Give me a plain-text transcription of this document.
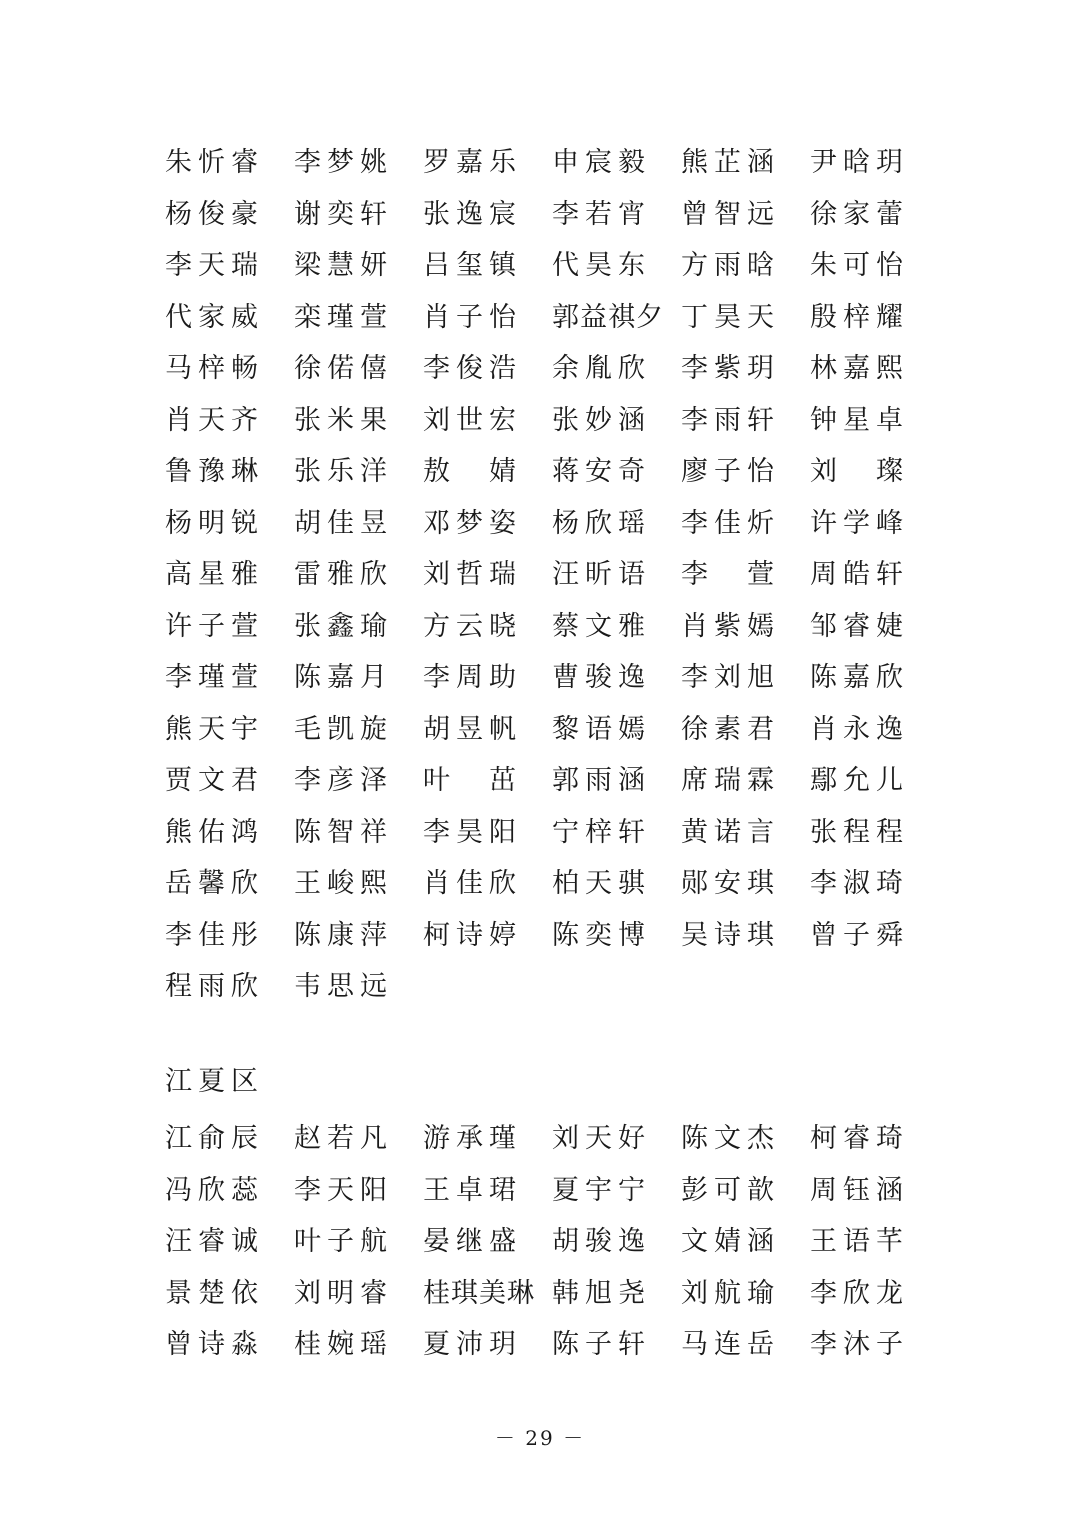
朱忻睿	李梦姚	罗嘉乐	申宸毅	熊芷涵	尹晗玥
杨俊豪	谢奕轩	张逸宸	李若宵	曾智远	徐家蕾
李天瑞	梁慧妍	吕玺镇	代昊东	方雨晗	朱可怡
代家威	栾瑾萱	肖子怡	郭益祺夕 丁昊天	殷梓耀
马梓畅	徐偌僖	李俊浩	余胤欣	李紫玥	林嘉熙
肖天齐	张米果	刘世宏	张妙涵	李雨轩	钟星卓
鲁豫琳	张乐洋	敖　婧	蒋安奇	廖子怡	刘　璨
杨明锐	胡佳昱	邓梦姿	杨欣瑶	李佳炘	许学峰
高星雅	雷雅欣	刘哲瑞	汪昕语	李　萱	周皓轩
许子萱	张鑫瑜	方云晓	蔡文雅	肖紫嫣	邹睿婕
李瑾萱	陈嘉月	李周助	曹骏逸	李刘旭	陈嘉欣
熊天宇	毛凯旋	胡昱帆	黎语嫣	徐素君	肖永逸
贾文君	李彦泽	叶　茁	郭雨涵	席瑞霖	鄢允儿
熊佑鸿	陈智祥	李昊阳	宁梓轩	黄诺言	张程程
岳馨欣	王峻熙	肖佳欣	柏天骐	郧安琪	李淑琦
李佳彤	陈康萍	柯诗婷	陈奕博	吴诗琪	曾子舜
程雨欣	韦思远
江夏区
江俞辰	赵若凡	游承瑾	刘天好	陈文杰	柯睿琦
冯欣蕊	李天阳	王卓珺	夏宇宁	彭可歆	周钰涵
汪睿诚	叶子航	晏继盛	胡骏逸	文婧涵	王语芊
景楚依	刘明睿	桂琪美琳 韩旭尧	刘航瑜	李欣龙
曾诗淼	桂婉瑶	夏沛玥	陈子轩	马连岳	李沐子
－ 29 －
